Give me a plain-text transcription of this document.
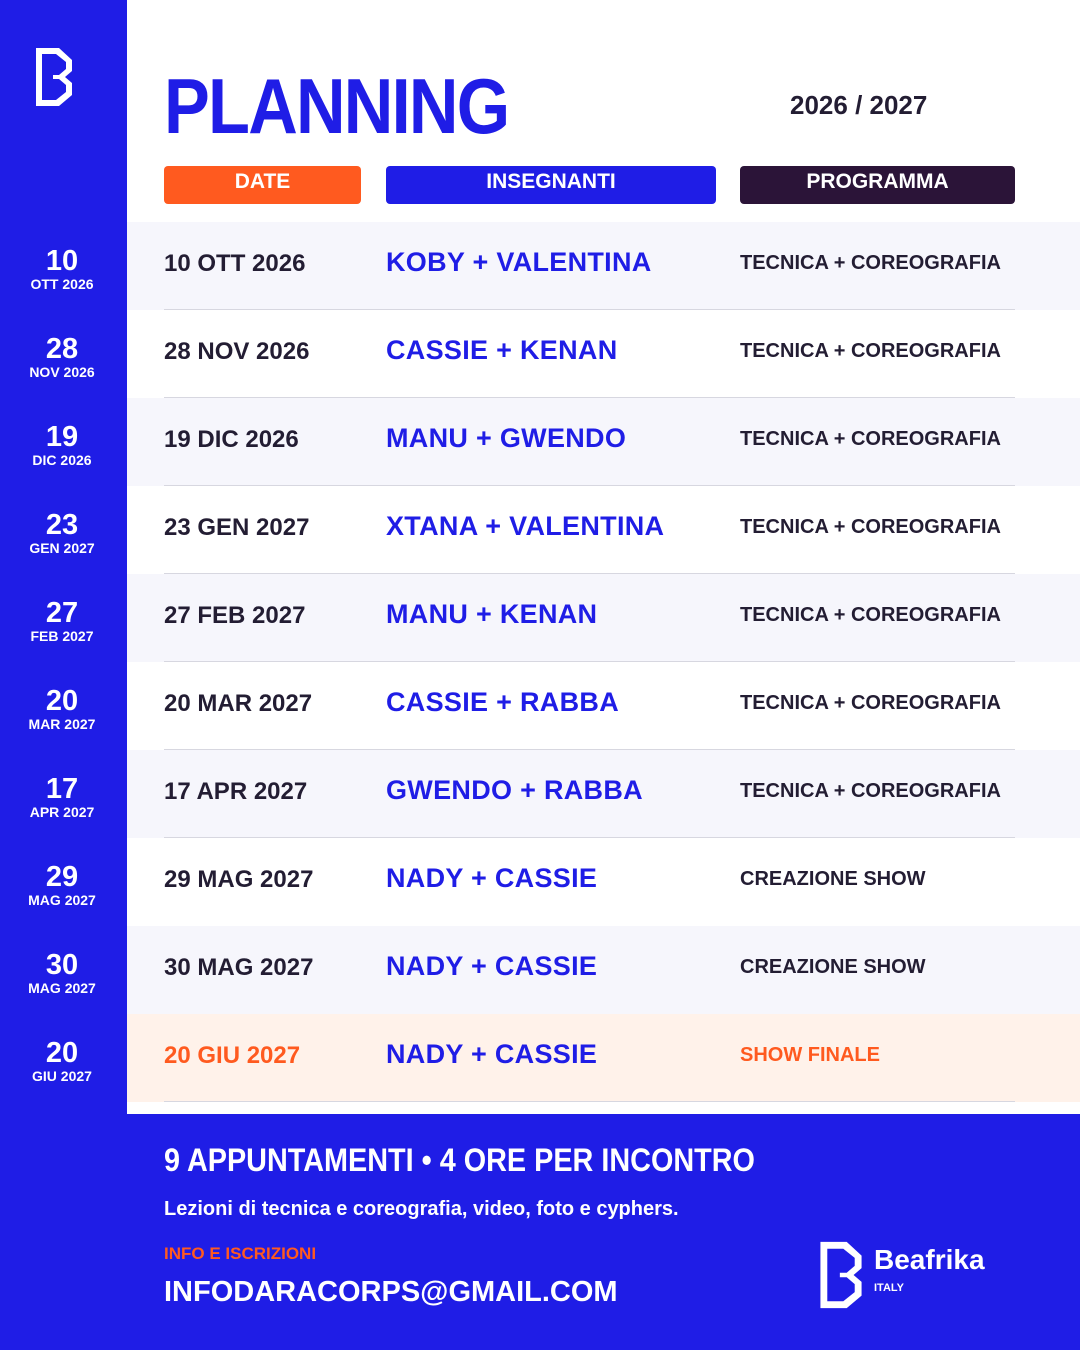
10
OTT 2026
28
NOV 2026
19
DIC 2026
23
GEN 2027
27
FEB 2027
20
MAR 2027
17
APR 2027
29
MAG 2027
30
MAG 2027
20
GIU 2027
PLANNING	2026 / 2027
DATE	INSEGNANTI	PROGRAMMA
10 OTT 2026	KOBY + VALENTINA	TECNICA + COREOGRAFIA
28 NOV 2026	CASSIE + KENAN	TECNICA + COREOGRAFIA
19 DIC 2026	MANU + GWENDO	TECNICA + COREOGRAFIA
23 GEN 2027	XTANA + VALENTINA	TECNICA + COREOGRAFIA
27 FEB 2027	MANU + KENAN	TECNICA + COREOGRAFIA
20 MAR 2027	CASSIE + RABBA	TECNICA + COREOGRAFIA
17 APR 2027	GWENDO + RABBA	TECNICA + COREOGRAFIA
29 MAG 2027	NADY + CASSIE	CREAZIONE SHOW
30 MAG 2027	NADY + CASSIE	CREAZIONE SHOW
20 GIU 2027	NADY + CASSIE	SHOW FINALE
9 APPUNTAMENTI • 4 ORE PER INCONTRO
Lezioni di tecnica e coreografia, video, foto e cyphers.
INFO E ISCRIZIONI
INFODARACORPS@GMAIL.COM
Beafrika
ITALY
